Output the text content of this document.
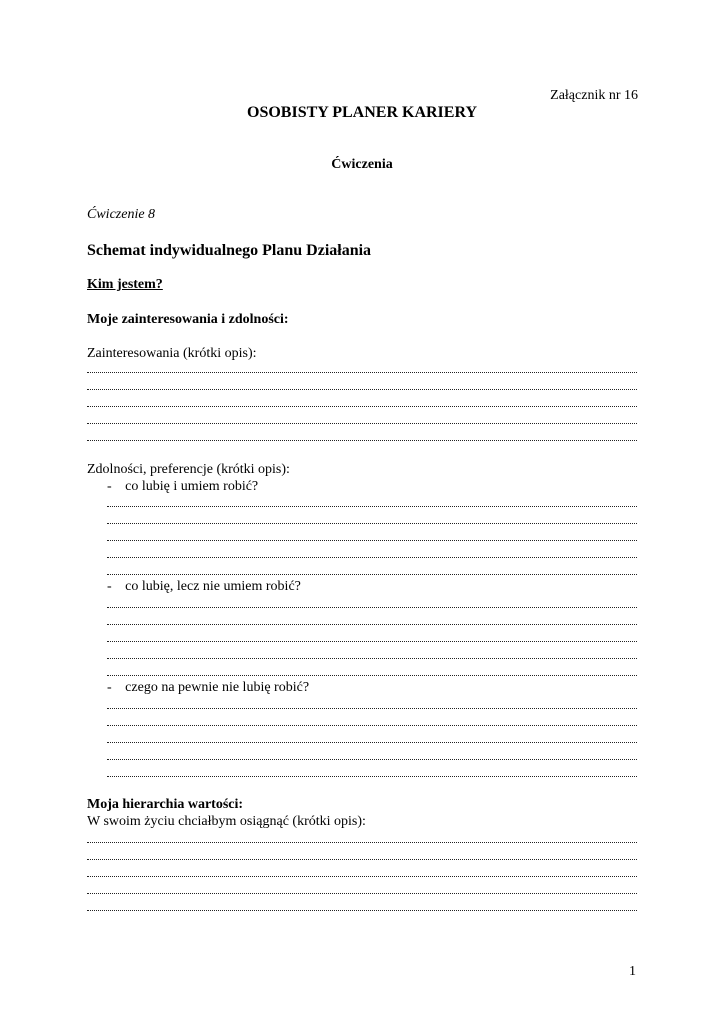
Załącznik nr 16
OSOBISTY PLANER KARIERY
Ćwiczenia
Ćwiczenie 8
Schemat indywidualnego Planu Działania
Kim jestem?
Moje zainteresowania i zdolności:
Zainteresowania (krótki opis):
Zdolności, preferencje (krótki opis):
- co lubię i umiem robić?
- co lubię, lecz nie umiem robić?
- czego na pewnie nie lubię robić?
Moja hierarchia wartości:
W swoim życiu chciałbym osiągnąć (krótki opis):
1
